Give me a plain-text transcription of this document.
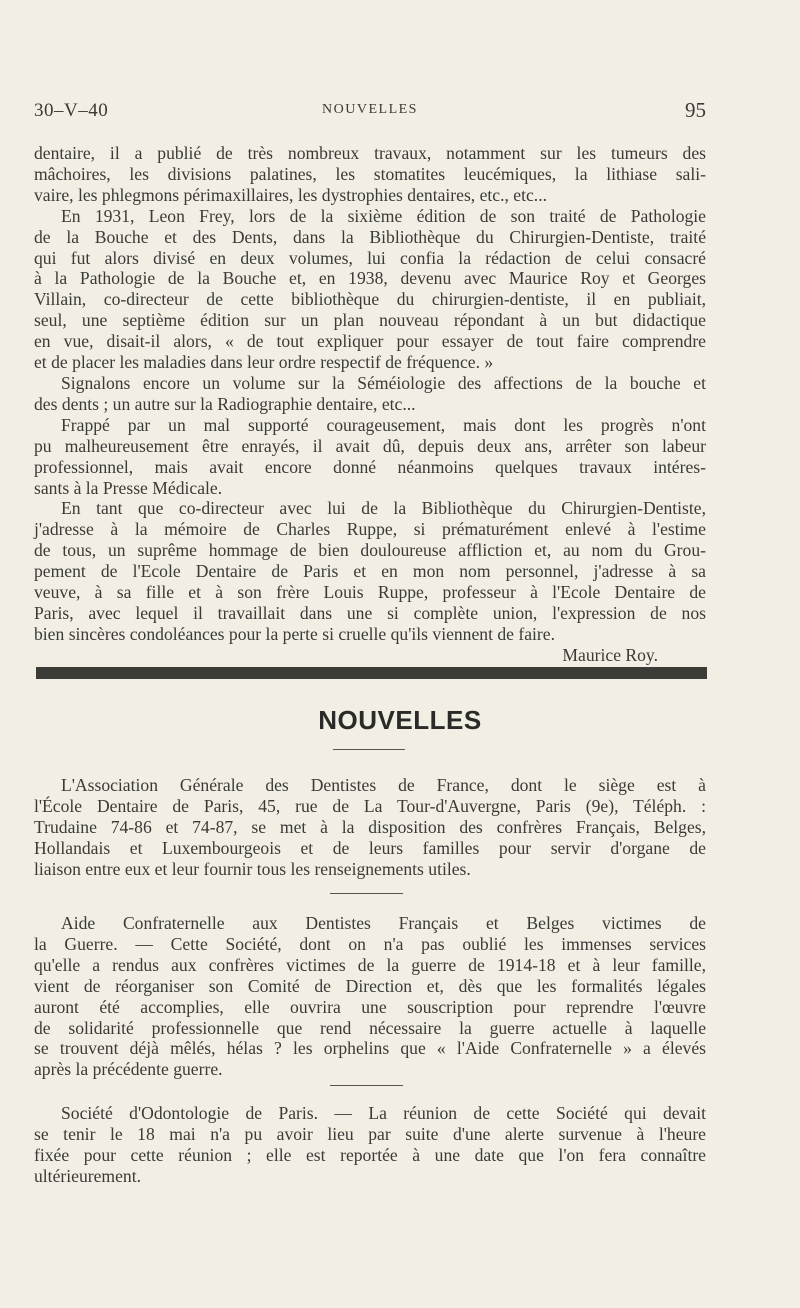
30–V–40	NOUVELLES	95
dentaire, il a publié de très nombreux travaux, notamment sur les tumeurs des
mâchoires, les divisions palatines, les stomatites leucémiques, la lithiase sali-
vaire, les phlegmons périmaxillaires, les dystrophies dentaires, etc., etc...
En 1931, Leon Frey, lors de la sixième édition de son traité de Pathologie
de la Bouche et des Dents, dans la Bibliothèque du Chirurgien-Dentiste, traité
qui fut alors divisé en deux volumes, lui confia la rédaction de celui consacré
à la Pathologie de la Bouche et, en 1938, devenu avec Maurice Roy et Georges
Villain, co-directeur de cette bibliothèque du chirurgien-dentiste, il en publiait,
seul, une septième édition sur un plan nouveau répondant à un but didactique
en vue, disait-il alors, « de tout expliquer pour essayer de tout faire comprendre
et de placer les maladies dans leur ordre respectif de fréquence. »
Signalons encore un volume sur la Séméiologie des affections de la bouche et
des dents ; un autre sur la Radiographie dentaire, etc...
Frappé par un mal supporté courageusement, mais dont les progrès n'ont
pu malheureusement être enrayés, il avait dû, depuis deux ans, arrêter son labeur
professionnel, mais avait encore donné néanmoins quelques travaux intéres-
sants à la Presse Médicale.
En tant que co-directeur avec lui de la Bibliothèque du Chirurgien-Dentiste,
j'adresse à la mémoire de Charles Ruppe, si prématurément enlevé à l'estime
de tous, un suprême hommage de bien douloureuse affliction et, au nom du Grou-
pement de l'Ecole Dentaire de Paris et en mon nom personnel, j'adresse à sa
veuve, à sa fille et à son frère Louis Ruppe, professeur à l'Ecole Dentaire de
Paris, avec lequel il travaillait dans une si complète union, l'expression de nos
bien sincères condoléances pour la perte si cruelle qu'ils viennent de faire.
Maurice Roy.
NOUVELLES
L'Association Générale des Dentistes de France, dont le siège est à
l'École Dentaire de Paris, 45, rue de La Tour-d'Auvergne, Paris (9e), Téléph. :
Trudaine 74-86 et 74-87, se met à la disposition des confrères Français, Belges,
Hollandais et Luxembourgeois et de leurs familles pour servir d'organe de
liaison entre eux et leur fournir tous les renseignements utiles.
Aide Confraternelle aux Dentistes Français et Belges victimes de
la Guerre. — Cette Société, dont on n'a pas oublié les immenses services
qu'elle a rendus aux confrères victimes de la guerre de 1914-18 et à leur famille,
vient de réorganiser son Comité de Direction et, dès que les formalités légales
auront été accomplies, elle ouvrira une souscription pour reprendre l'œuvre
de solidarité professionnelle que rend nécessaire la guerre actuelle à laquelle
se trouvent déjà mêlés, hélas ? les orphelins que « l'Aide Confraternelle » a élevés
après la précédente guerre.
Société d'Odontologie de Paris. — La réunion de cette Société qui devait
se tenir le 18 mai n'a pu avoir lieu par suite d'une alerte survenue à l'heure
fixée pour cette réunion ; elle est reportée à une date que l'on fera connaître
ultérieurement.
